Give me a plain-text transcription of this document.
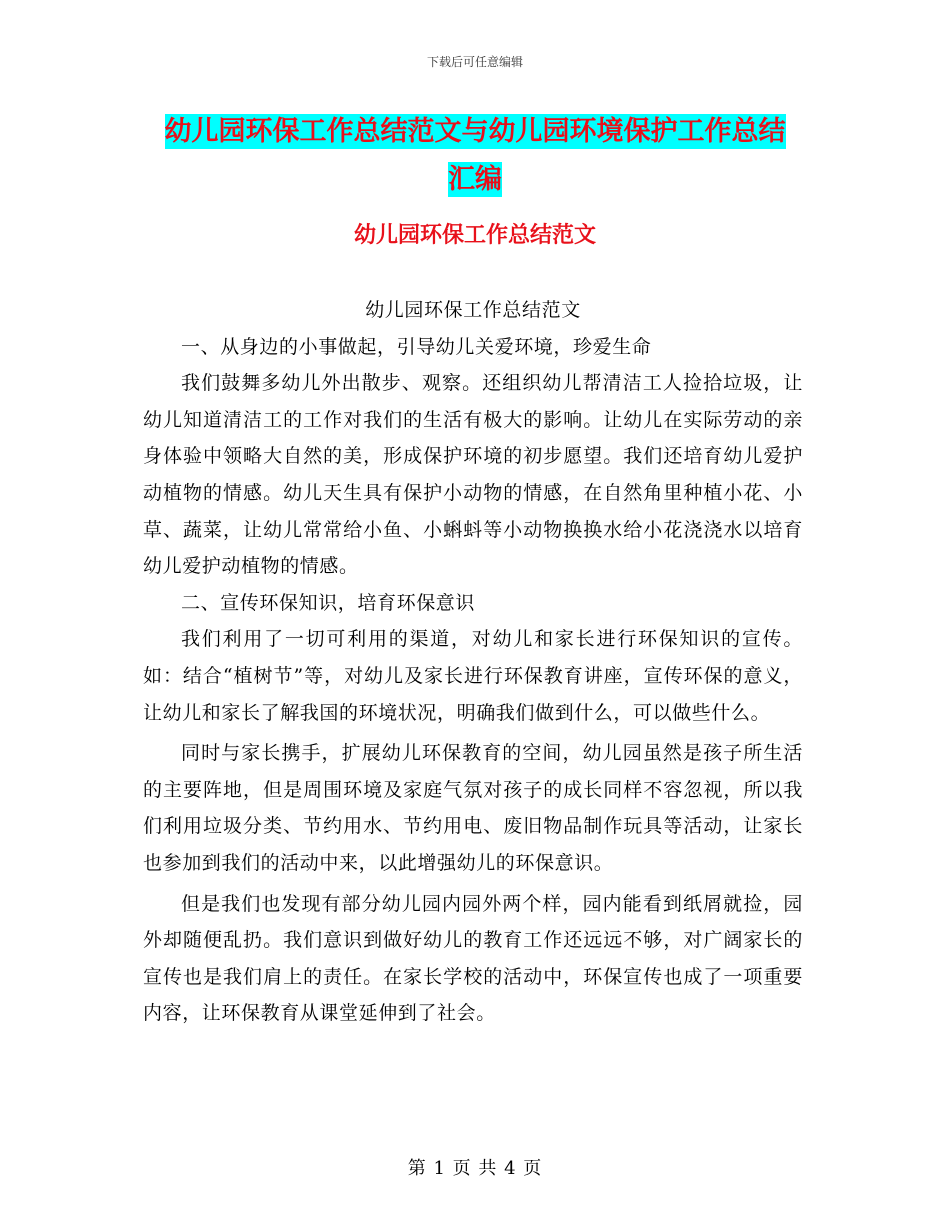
下载后可任意编辑
幼儿园环保工作总结范文与幼儿园环境保护工作总结
汇编
幼儿园环保工作总结范文

幼儿园环保工作总结范文

一、从身边的小事做起，引导幼儿关爱环境，珍爱生命

我们鼓舞多幼儿外出散步、观察。还组织幼儿帮清洁工人捡拾垃圾，让幼儿知道清洁工的工作对我们的生活有极大的影响。让幼儿在实际劳动的亲身体验中领略大自然的美，形成保护环境的初步愿望。我们还培育幼儿爱护动植物的情感。幼儿天生具有保护小动物的情感，在自然角里种植小花、小草、蔬菜，让幼儿常常给小鱼、小蝌蚪等小动物换换水给小花浇浇水以培育幼儿爱护动植物的情感。

二、宣传环保知识，培育环保意识

我们利用了一切可利用的渠道，对幼儿和家长进行环保知识的宣传。如：结合“植树节”等，对幼儿及家长进行环保教育讲座，宣传环保的意义，让幼儿和家长了解我国的环境状况，明确我们做到什么，可以做些什么。

同时与家长携手，扩展幼儿环保教育的空间，幼儿园虽然是孩子所生活的主要阵地，但是周围环境及家庭气氛对孩子的成长同样不容忽视，所以我们利用垃圾分类、节约用水、节约用电、废旧物品制作玩具等活动，让家长也参加到我们的活动中来，以此增强幼儿的环保意识。

但是我们也发现有部分幼儿园内园外两个样，园内能看到纸屑就捡，园外却随便乱扔。我们意识到做好幼儿的教育工作还远远不够，对广阔家长的宣传也是我们肩上的责任。在家长学校的活动中，环保宣传也成了一项重要内容，让环保教育从课堂延伸到了社会。

第 1 页 共 4 页
